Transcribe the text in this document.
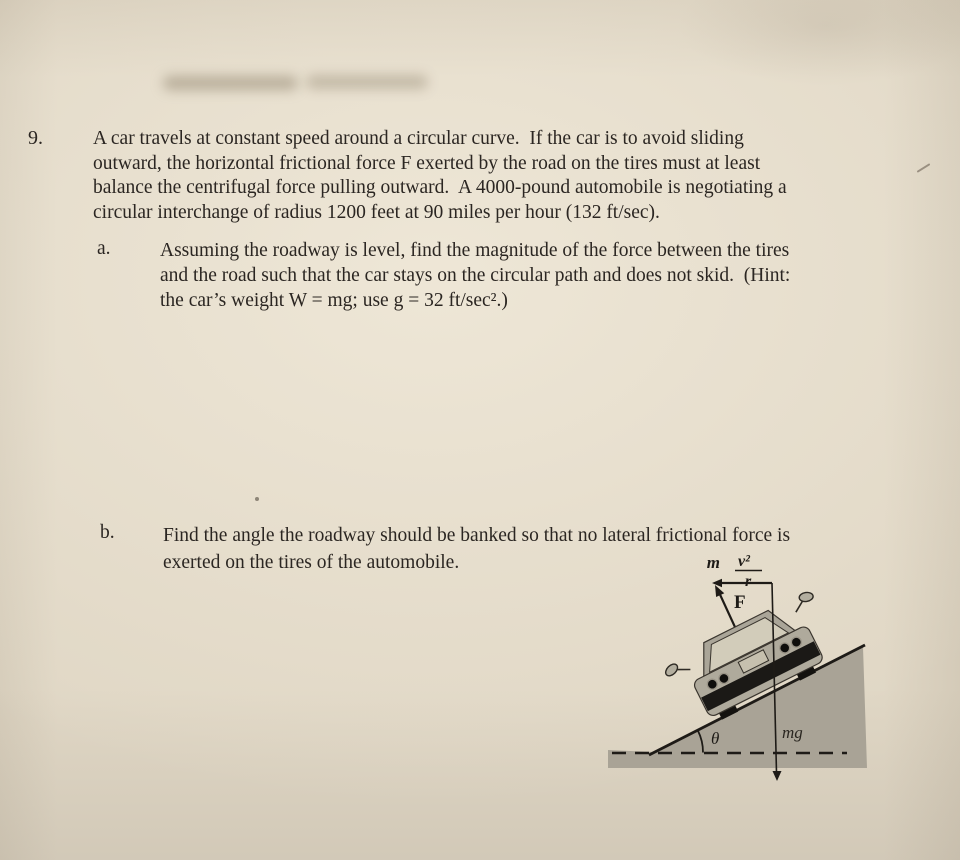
9.	A car travels at constant speed around a circular curve.  If the car is to avoid sliding
outward, the horizontal frictional force F exerted by the road on the tires must at least
balance the centrifugal force pulling outward.  A 4000-pound automobile is negotiating a
circular interchange of radius 1200 feet at 90 miles per hour (132 ft/sec).
a.	Assuming the roadway is level, find the magnitude of the force between the tires
and the road such that the car stays on the circular path and does not skid.  (Hint:
the car’s weight W = mg; use g = 32 ft/sec².)
b. Find the angle the roadway should be banked so that no lateral frictional force is
exerted on the tires of the automobile.	m v²
r
F
θ	mg
